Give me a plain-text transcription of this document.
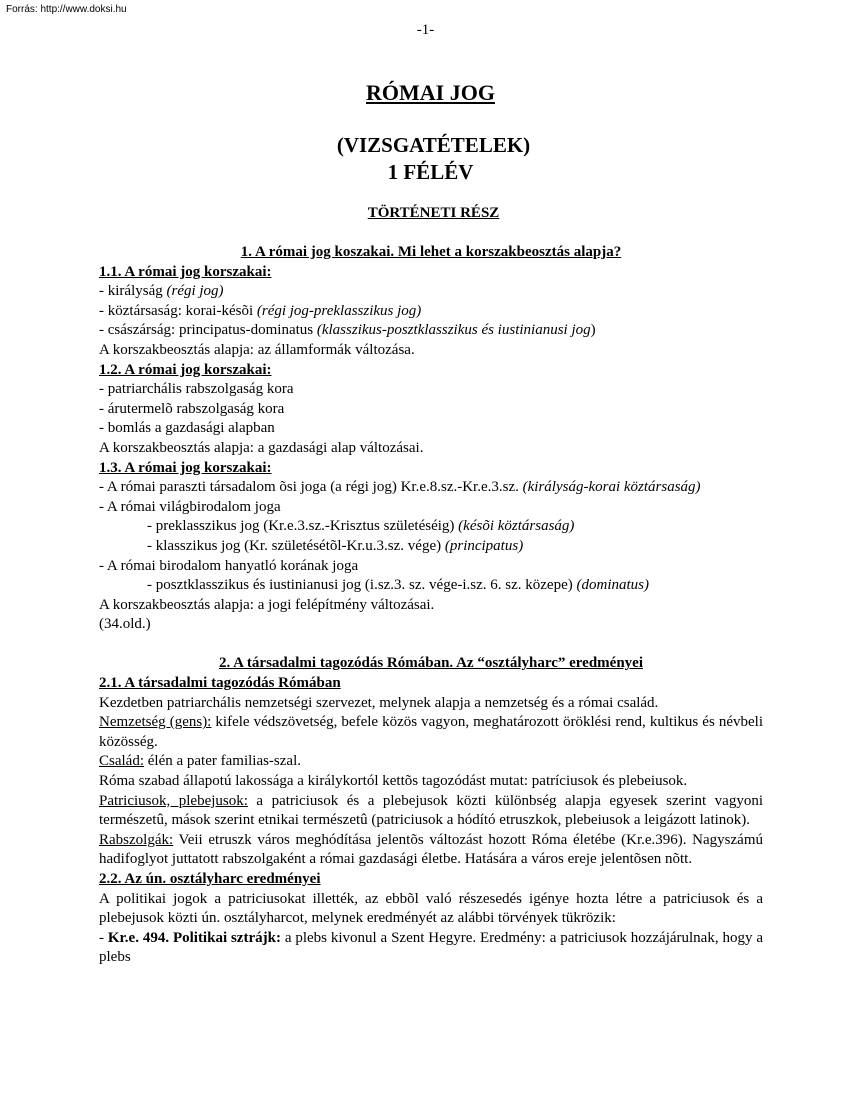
Forrás: http://www.doksi.hu
-1-
RÓMAI JOG
(VIZSGATÉTELEK)
1 FÉLÉV
TÖRTÉNETI RÉSZ
1. A római jog koszakai. Mi lehet a korszakbeosztás alapja?
1.1. A római jog korszakai:
- királyság (régi jog)
- köztársaság: korai-késõi (régi jog-preklasszikus jog)
- császárság: principatus-dominatus (klasszikus-posztklasszikus és iustinianusi jog)
A korszakbeosztás alapja: az államformák változása.
1.2. A római jog korszakai:
- patriarchális rabszolgaság kora
- árutermelõ rabszolgaság kora
- bomlás a gazdasági alapban
A korszakbeosztás alapja: a gazdasági alap változásai.
1.3. A római jog korszakai:
- A római paraszti társadalom õsi joga (a régi jog) Kr.e.8.sz.-Kr.e.3.sz. (királyság-korai köztársaság)
- A római világbirodalom joga
- preklasszikus jog (Kr.e.3.sz.-Krisztus születéséig) (késõi köztársaság)
- klasszikus jog (Kr. születésétõl-Kr.u.3.sz. vége) (principatus)
- A római birodalom hanyatló korának joga
- posztklasszikus és iustinianusi jog (i.sz.3. sz. vége-i.sz. 6. sz. közepe) (dominatus)
A korszakbeosztás alapja: a jogi felépítmény változásai.
(34.old.)
2. A társadalmi tagozódás Rómában. Az “osztályharc” eredményei
2.1. A társadalmi tagozódás Rómában
Kezdetben patriarchális nemzetségi szervezet, melynek alapja a nemzetség és a római család.
Nemzetség (gens): kifele védszövetség, befele közös vagyon, meghatározott öröklési rend, kultikus és névbeli közösség.
Család: élén a pater familias-szal.
Róma szabad állapotú lakossága a királykortól kettõs tagozódást mutat: patríciusok és plebeiusok.
Patriciusok, plebejusok: a patriciusok és a plebejusok közti különbség alapja egyesek szerint vagyoni természetû, mások szerint etnikai természetû (patriciusok a hódító etruszkok, plebeiusok a leigázott latinok).
Rabszolgák: Veii etruszk város meghódítása jelentõs változást hozott Róma életébe (Kr.e.396). Nagyszámú hadifoglyot juttatott rabszolgaként a római gazdasági életbe. Hatására a város ereje jelentõsen nõtt.
2.2. Az ún. osztályharc eredményei
A politikai jogok a patriciusokat illették, az ebbõl való részesedés igénye hozta létre a patriciusok és a plebejusok közti ún. osztályharcot, melynek eredményét az alábbi törvények tükrözik:
- Kr.e. 494. Politikai sztrájk: a plebs kivonul a Szent Hegyre. Eredmény: a patriciusok hozzájárulnak, hogy a plebs
